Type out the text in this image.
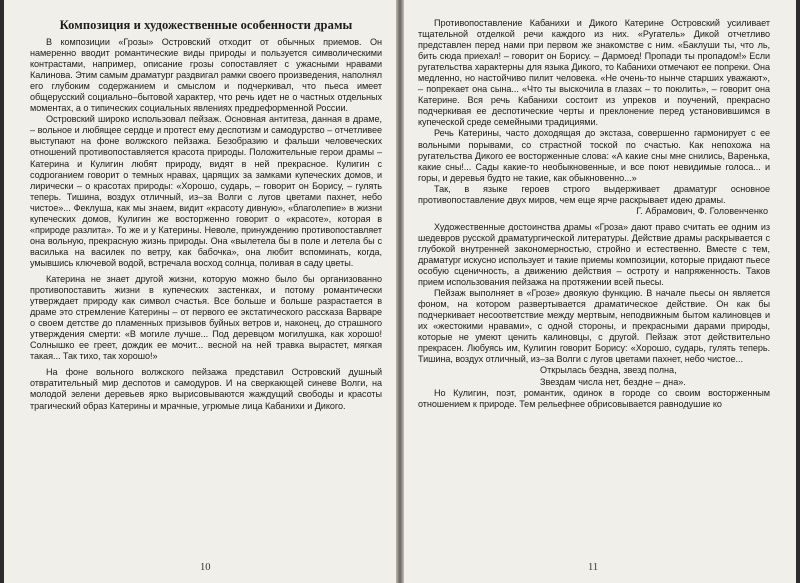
Композиция и художественные особенности драмы

В композиции «Грозы» Островский отходит от обычных приемов. Он намеренно вводит романтические виды природы и пользуется символическими контрастами, например, описание грозы сопоставляет с ужасными нравами Калинова. Этим самым драматург раздвигал рамки своего произведения, наполнял его глубоким содержанием и смыслом и подчеркивал, что пьеса имеет общерусский социально–бытовой характер, что речь идет не о частных отдельных моментах, а о типических социальных явлениях предреформенной России.

Островский широко использовал пейзаж. Основная антитеза, данная в драме, – вольное и любящее сердце и протест ему деспотизм и самодурство – отчетливее выступают на фоне волжского пейзажа. Безобразию и фальши человеческих отношений противопоставляется красота природы. Положительные герои драмы – Катерина и Кулигин любят природу, видят в ней прекрасное. Кулигин с содроганием говорит о темных нравах, царящих за замками купеческих домов, и лирически – о красотах природы: «Хорошо, сударь, – говорит он Борису, – гулять теперь. Тишина, воздух отличный, из–за Волги с лугов цветами пахнет, небо чистое»... Феклуша, как мы знаем, видит «красоту дивную», «благолепие» в жизни купеческих домов, Кулигин же восторженно говорит о «красоте», которая в «природе разлита». То же и у Катерины. Неволе, принуждению противопоставляет она вольную, прекрасную жизнь природы. Она «вылетела бы в поле и летела бы с василька на василек по ветру, как бабочка», она любит вспоминать, когда, умывшись ключевой водой, встречала восход солнца, поливая в саду цветы.

Катерина не знает другой жизни, которую можно было бы организованно противопоставить жизни в купеческих застенках, и потому романтически утверждает природу как символ счастья. Все больше и больше разрастается в драме это стремление Катерины – от первого ее экстатического рассказа Варваре о своем детстве до пламенных призывов буйных ветров и, наконец, до страшного утверждения смерти: «В могиле лучше... Под деревцом могилушка, как хорошо! Солнышко ее греет, дождик ее мочит... весной на ней травка вырастет, мягкая такая... Так тихо, так хорошо!»

На фоне вольного волжского пейзажа представил Островский душный отвратительный мир деспотов и самодуров. И на сверкающей синеве Волги, на молодой зелени деревьев ярко вырисовываются жаждущий свободы и красоты трагический образ Катерины и мрачные, угрюмые лица Кабанихи и Дикого.

10

Противопоставление Кабанихи и Дикого Катерине Островский усиливает тщательной отделкой речи каждого из них. «Ругатель» Дикой отчетливо представлен перед нами при первом же знакомстве с ним. «Баклуши ты, что ль, бить сюда приехал! – говорит он Борису. – Дармоед! Пропади ты пропадом!» Если ругательства характерны для языка Дикого, то Кабанихи отмечают ее попреки. Она медленно, но настойчиво пилит человека. «Не очень-то нынче старших уважают», – попрекает она сына... «Что ты выскочила в глазах – то поюлить», – говорит она Катерине. Вся речь Кабанихи состоит из упреков и поучений, прекрасно подчеркивая ее деспотические черты и преклонение перед установившимся в купеческой среде семейными традициями.

Речь Катерины, часто доходящая до экстаза, совершенно гармонирует с ее вольными порывами, со страстной тоской по счастью. Как непохожа на ругательства Дикого ее восторженные слова: «А какие сны мне снились, Варенька, какие сны!... Сады какие-то необыкновенные, и все поют невидимые голоса... и горы, и деревья будто не такие, как обыкновенно...»

Так, в языке героев строго выдерживает драматург основное противопоставление двух миров, чем еще ярче раскрывает идею драмы.

Г. Абрамович, Ф. Головенченко

Художественные достоинства драмы «Гроза» дают право считать ее одним из шедевров русской драматургической литературы. Действие драмы раскрывается с глубокой внутренней закономерностью, стройно и естественно. Вместе с тем, драматург искусно использует и такие приемы композиции, которые придают пьесе особую сценичность, а движению действия – остроту и напряженность. Таков прием использования пейзажа на протяжении всей пьесы.

Пейзаж выполняет в «Грозе» двоякую функцию. В начале пьесы он является фоном, на котором развертывается драматическое действие. Он как бы подчеркивает несоответствие между мертвым, неподвижным бытом калиновцев и их «жестокими нравами», с одной стороны, и прекрасными дарами природы, которые не умеют ценить калиновцы, с другой. Пейзаж этот действительно прекрасен. Любуясь им, Кулигин говорит Борису: «Хорошо, сударь, гулять теперь. Тишина, воздух отличный, из–за Волги с лугов цветами пахнет, небо чистое...

Открылась бездна, звезд полна,
Звездам числа нет, бездне – дна».

Но Кулигин, поэт, романтик, одинок в городе со своим восторженным отношением к природе. Тем рельефнее обрисовывается равнодушие ко

11
